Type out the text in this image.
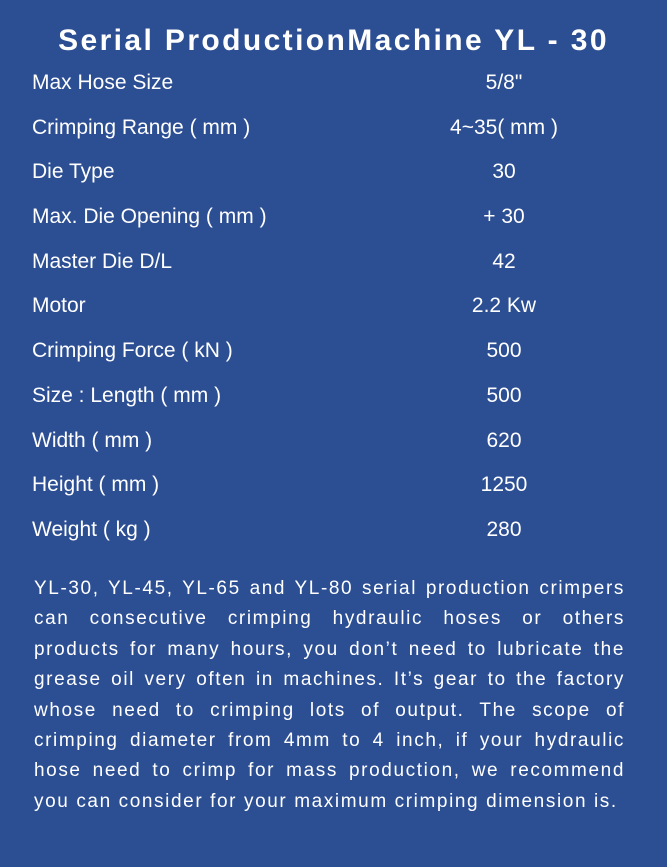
Serial ProductionMachine YL - 30
Max Hose Size	5/8"
Crimping Range ( mm )	4~35( mm )
Die Type	30
Max. Die Opening ( mm )	+ 30
Master Die D/L	42
Motor	2.2 Kw
Crimping Force ( kN )	500
Size : Length ( mm )	500
Width ( mm )	620
Height ( mm )	1250
Weight ( kg )	280

YL-30, YL-45, YL-65 and YL-80 serial production crimpers can consecutive crimping hydraulic hoses or others products for many hours, you don’t need to lubricate the grease oil very often in machines. It’s gear to the factory whose need to crimping lots of output. The scope of crimping diameter from 4mm to 4 inch, if your hydraulic hose need to crimp for mass production, we recommend you can consider for your maximum crimping dimension is.
